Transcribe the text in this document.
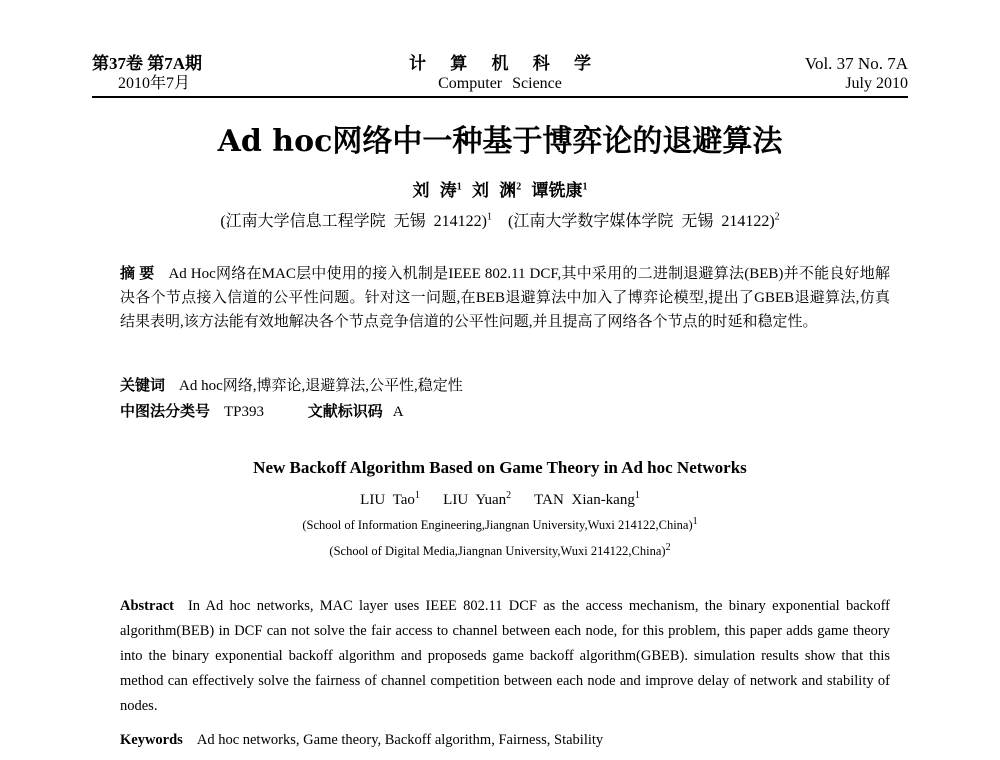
第37卷 第7A期
2010年7月
计 算 机 科 学
Computer Science
Vol. 37 No. 7A
July 2010
Ad hoc网络中一种基于博弈论的退避算法
刘 涛$^1$ 刘 渊$^2$ 谭铣康$^1$
(江南大学信息工程学院 无锡 214122)$^1$ (江南大学数字媒体学院 无锡 214122)$^2$
摘 要 Ad Hoc网络在MAC层中使用的接入机制是IEEE 802.11 DCF,其中采用的二进制退避算法(BEB)并不能良好地解决各个节点接入信道的公平性问题。针对这一问题,在BEB退避算法中加入了博弈论模型,提出了GBEB退避算法,仿真结果表明,该方法能有效地解决各个节点竞争信道的公平性问题,并且提高了网络各个节点的时延和稳定性。
关键词 Ad hoc网络,博弈论,退避算法,公平性,稳定性
中图法分类号 TP393	文献标识码 A
New Backoff Algorithm Based on Game Theory in Ad hoc Networks
LIU Tao$^1$ LIU Yuan$^2$ TAN Xian-kang$^1$
(School of Information Engineering,Jiangnan University,Wuxi 214122,China)$^1$
(School of Digital Media,Jiangnan University,Wuxi 214122,China)$^2$
Abstract In Ad hoc networks, MAC layer uses IEEE 802.11 DCF as the access mechanism, the binary exponential backoff algorithm(BEB) in DCF can not solve the fair access to channel between each node, for this problem, this paper adds game theory into the binary exponential backoff algorithm and proposeds game backoff algorithm(GBEB). simulation results show that this method can effectively solve the fairness of channel competition between each node and improve delay of network and stability of nodes.
Keywords Ad hoc networks, Game theory, Backoff algorithm, Fairness, Stability
